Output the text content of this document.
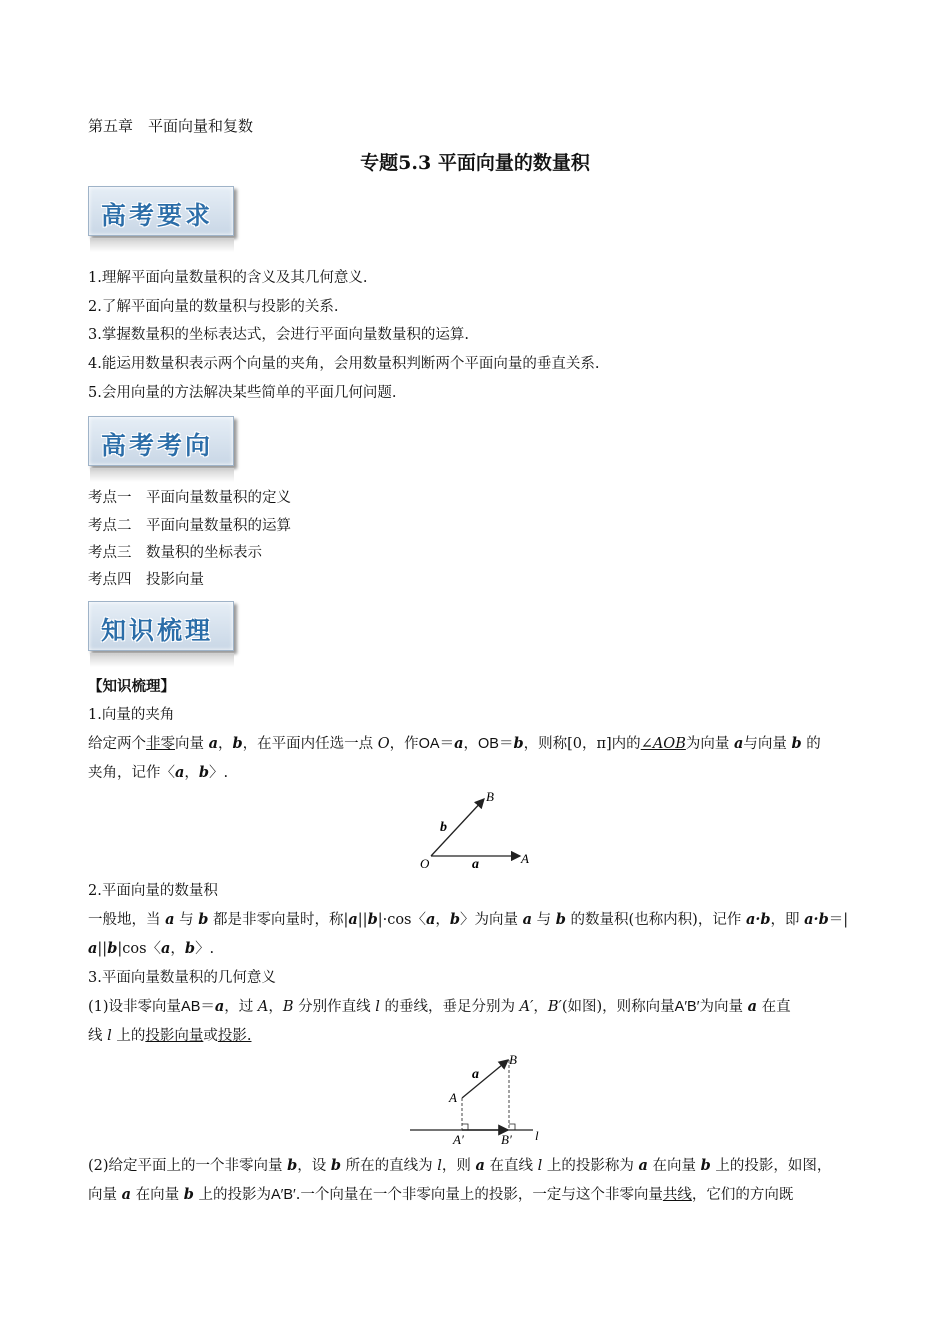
第五章　平面向量和复数
专题5.3 平面向量的数量积
高考要求
1.理解平面向量数量积的含义及其几何意义.
2.了解平面向量的数量积与投影的关系.
3.掌握数量积的坐标表达式，会进行平面向量数量积的运算.
4.能运用数量积表示两个向量的夹角，会用数量积判断两个平面向量的垂直关系.
5.会用向量的方法解决某些简单的平面几何问题.
高考考向
考点一　平面向量数量积的定义
考点二　平面向量数量积的运算
考点三　数量积的坐标表示
考点四　投影向量
知识梳理
【知识梳理】
1.向量的夹角
给定两个非零向量 a，b，在平面内任选一点 O，作OA＝a，OB＝b，则称[0，π]内的∠AOB为向量 a与向量 b 的
夹角，记作〈a，b〉.
B
b
O	a	A
2.平面向量的数量积
一般地，当 a 与 b 都是非零向量时，称|a||b|·cos〈a，b〉为向量 a 与 b 的数量积(也称内积)，记作 a·b，即 a·b＝|
a||b|cos〈a，b〉.
3.平面向量数量积的几何意义
(1)设非零向量AB＝a，过 A，B 分别作直线 l 的垂线，垂足分别为 A′，B′(如图)，则称向量A′B′为向量 a 在直
线 l 上的投影向量或投影.
B
a
A
A′	B′ l
(2)给定平面上的一个非零向量 b，设 b 所在的直线为 l，则 a 在直线 l 上的投影称为 a 在向量 b 上的投影，如图，
向量 a 在向量 b 上的投影为A′B′.一个向量在一个非零向量上的投影，一定与这个非零向量共线，它们的方向既
